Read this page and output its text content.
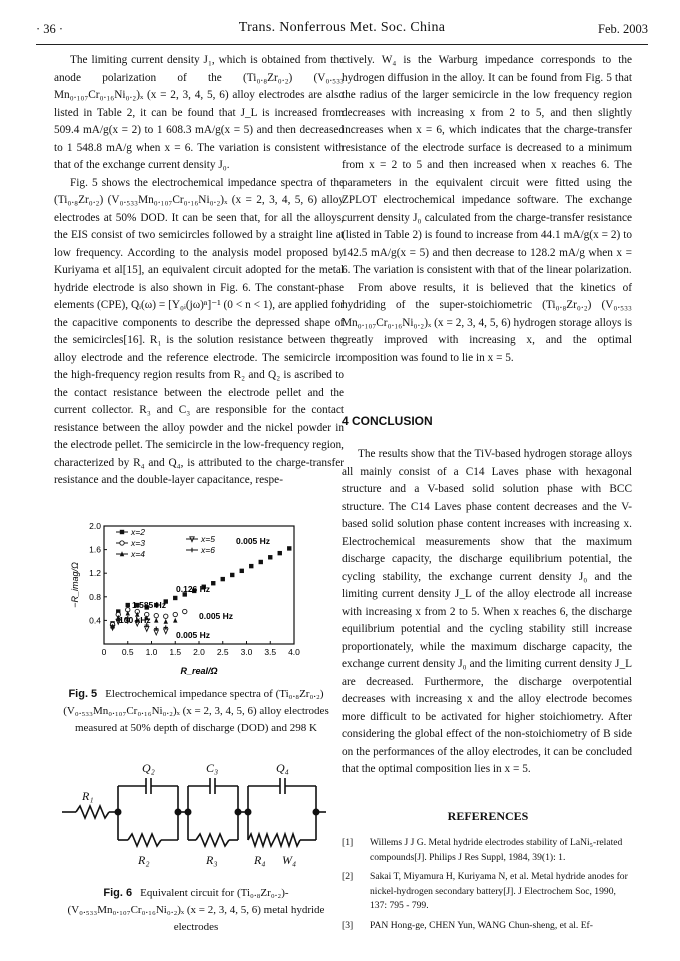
· 36 ·	Trans. Nonferrous Met. Soc. China	Feb. 2003

The limiting current density J₁, which is obtained from the anode polarization of the (Ti₀.₈Zr₀.₂) (V₀.₅₃₃ Mn₀.₁₀₇Cr₀.₁₆Ni₀.₂)ₓ (x = 2, 3, 4, 5, 6) alloy electrodes are also listed in Table 2, it can be found that J_L is increased from 509.4 mA/g(x = 2) to 1 608.3 mA/g(x = 5) and then decreased to 1 548.8 mA/g when x = 6. The variation is consistent with that of the exchange current density J₀.

Fig. 5 shows the electrochemical impedance spectra of the (Ti₀.₈Zr₀.₂) (V₀.₅₃₃Mn₀.₁₀₇Cr₀.₁₆Ni₀.₂)ₓ (x = 2, 3, 4, 5, 6) alloy electrodes at 50% DOD. It can be seen that, for all the alloys, the EIS consist of two semicircles followed by a straight line at low frequency. According to the analysis model proposed by Kuriyama et al[15], an equivalent circuit adopted for the metal hydride electrode is also shown in Fig. 6. The constant-phase elements (CPE), Qᵢ(ω) = [Y₀ᵢ(jω)ⁿ]⁻¹ (0 < n < 1), are applied for the capacitive components to describe the depressed shape of the semicircles[16]. R₁ is the solution resistance between the alloy electrode and the reference electrode. The semicircle in the high-frequency region results from R₂ and Q₂ is ascribed to the contact resistance between the electrode pellet and the current collector. R₃ and C₃ are responsible for the contact resistance between the alloy powder and the nickel powder in the electrode pellet. The semicircle in the low-frequency region, characterized by R₄ and Q₄, is attributed to the charge-transfer resistance and the double-layer capacitance, respe-

0 0.5 1.0 1.5 2.0 2.5 3.0 3.5 4.0
0.4
0.8
1.2
1.6
2.0
R_real/Ω
−R_imag/Ω
x=2
x=3
x=4
x=5
x=6
0.005 Hz
0.126 Hz
1.585 Hz
100 kHz	0.005 Hz
0.005 Hz
Fig. 5 Electrochemical impedance spectra of (Ti₀.₈Zr₀.₂) (V₀.₅₃₃Mn₀.₁₀₇Cr₀.₁₆Ni₀.₂)ₓ (x = 2, 3, 4, 5, 6) alloy electrodes measured at 50% depth of discharge (DOD) and 298 K
R₁
Q₂	C₃	Q₄
R₂	R₃	R₄ W₄
Fig. 6 Equivalent circuit for (Ti₀.₈Zr₀.₂)-(V₀.₅₃₃Mn₀.₁₀₇Cr₀.₁₆Ni₀.₂)ₓ (x = 2, 3, 4, 5, 6) metal hydride electrodes

ctively. W₄ is the Warburg impedance corresponds to the hydrogen diffusion in the alloy. It can be found from Fig. 5 that the radius of the larger semicircle in the low frequency region decreases with increasing x from 2 to 5, and then slightly increases when x = 6, which indicates that the charge-transfer resistance of the electrode surface is decreased to a minimum from x = 2 to 5 and then increased when x reaches 6. The parameters in the equivalent circuit were fitted using the ZPLOT electrochemical impedance software. The exchange current density J₀ calculated from the charge-transfer resistance (listed in Table 2) is found to increase from 44.1 mA/g(x = 2) to 142.5 mA/g(x = 5) and then decrease to 128.2 mA/g when x = 6. The variation is consistent with that of the linear polarization.

From above results, it is believed that the kinetics of hydriding of the super-stoichiometric (Ti₀.₈Zr₀.₂) (V₀.₅₃₃ Mn₀.₁₀₇Cr₀.₁₆Ni₀.₂)ₓ (x = 2, 3, 4, 5, 6) hydrogen storage alloys is greatly improved with increasing x, and the optimal composition was found to lie in x = 5.

4 CONCLUSION

The results show that the TiV-based hydrogen storage alloys all mainly consist of a C14 Laves phase with hexagonal structure and a V-based solid solution phase with BCC structure. The C14 Laves phase content decreases and the V-based solid solution phase content increases with increasing x. Electrochemical measurements show that the maximum discharge capacity, the discharge equilibrium potential, the cycling stability, the exchange current density J₀ and the limiting current density J_L of the alloy electrode all increase with increasing x from 2 to 5. When x reaches 6, the discharge equilibrium potential and the cycling stability still increase proportionately, while the maximum discharge capacity, the exchange current density J₀ and the limiting current density J_L are decreased. Furthermore, the discharge overpotential decreases with increasing x and the alloy electrode becomes more difficult to be activated for higher stoichiometry. After considering the global effect of the non-stoichiometry of B side on the performances of the alloy electrodes, it can be concluded that the optimal composition lies in x = 5.

REFERENCES
[1] Willems J J G. Metal hydride electrodes stability of LaNi₅-related compounds[J]. Philips J Res Suppl, 1984, 39(1): 1.
[2] Sakai T, Miyamura H, Kuriyama N, et al. Metal hydride anodes for nickel-hydrogen secondary battery[J]. J Electrochem Soc, 1990, 137: 795 - 799.
[3] PAN Hong-ge, CHEN Yun, WANG Chun-sheng, et al. Ef-
